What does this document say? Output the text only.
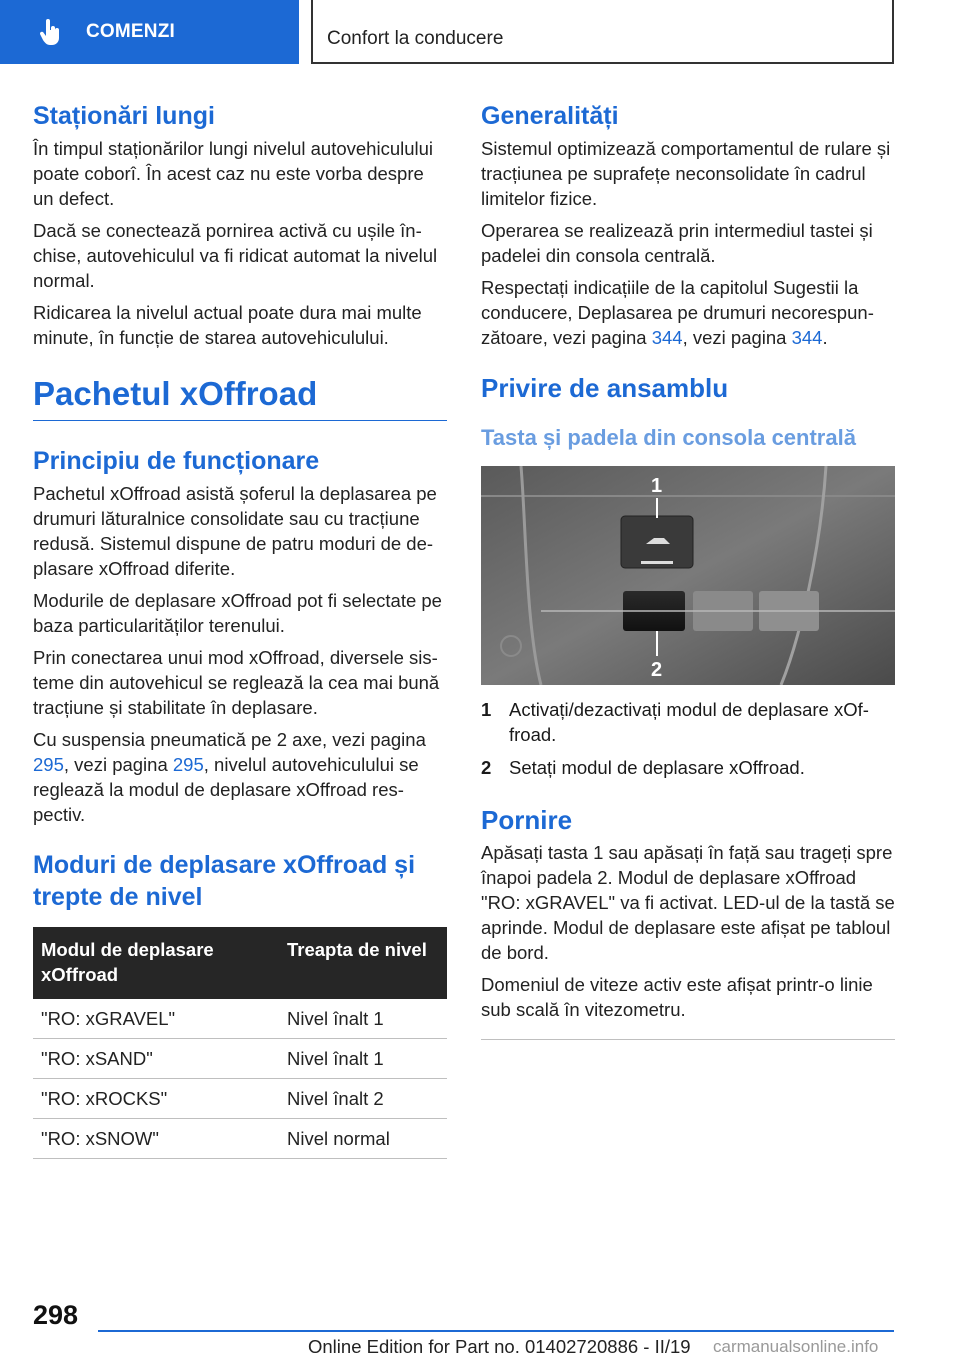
COMENZI	Confort la conducere
Staționări lungi

În timpul staționărilor lungi nivelul autovehiculului poate coborî. În acest caz nu este vorba despre un defect.

Dacă se conectează pornirea activă cu ușile închise, autovehiculul va fi ridicat automat la nivelul normal.

Ridicarea la nivelul actual poate dura mai multe minute, în funcție de starea autovehiculului.

Pachetul xOffroad
Principiu de funcționare

Pachetul xOffroad asistă șoferul la deplasarea pe drumuri lăturalnice consolidate sau cu tracțiune redusă. Sistemul dispune de patru moduri de deplasare xOffroad diferite.

Modurile de deplasare xOffroad pot fi selectate pe baza particularităților terenului.

Prin conectarea unui mod xOffroad, diversele sisteme din autovehicul se reglează la cea mai bună tracțiune și stabilitate în deplasare.

Cu suspensia pneumatică pe 2 axe, vezi pagina 295, vezi pagina 295, nivelul autovehiculului se reglează la modul de deplasare xOffroad respectiv.

Moduri de deplasare xOffroad și trepte de nivel
Modul de deplasare xOffroad	Treapta de nivel
"RO: xGRAVEL"	Nivel înalt 1
"RO: xSAND"	Nivel înalt 1
"RO: xROCKS"	Nivel înalt 2
"RO: xSNOW"	Nivel normal
Generalități

Sistemul optimizează comportamentul de rulare și tracțiunea pe suprafețe neconsolidate în cadrul limitelor fizice.

Operarea se realizează prin intermediul tastei și padelei din consola centrală.

Respectați indicațiile de la capitolul Sugestii la conducere, Deplasarea pe drumuri necorespunzătoare, vezi pagina 344, vezi pagina 344.

Privire de ansamblu
Tasta și padela din consola centrală
1
2
1 Activați/dezactivați modul de deplasare xOffroad.
2 Setați modul de deplasare xOffroad.
Pornire

Apăsați tasta 1 sau apăsați în față sau trageți spre înapoi padela 2. Modul de deplasare xOffroad "RO: xGRAVEL" va fi activat. LED-ul de la tastă se aprinde. Modul de deplasare este afișat pe tabloul de bord.

Domeniul de viteze activ este afișat printr-o linie sub scală în vitezometru.

298
Online Edition for Part no. 01402720886 - II/19 carmanualsonline.info
